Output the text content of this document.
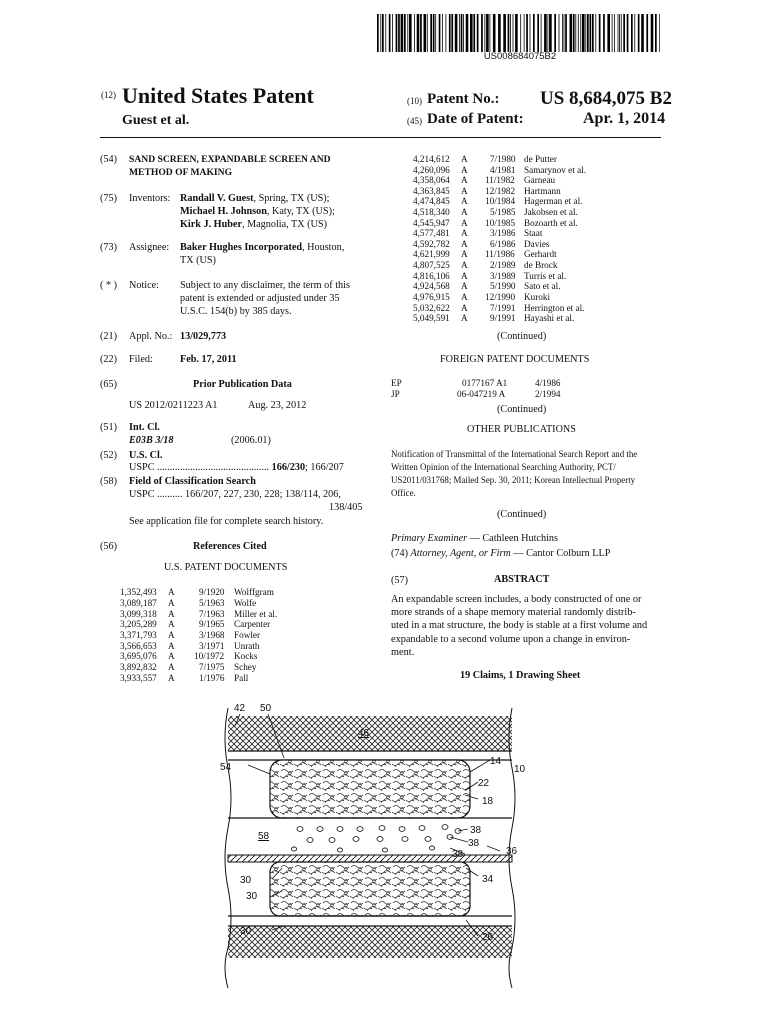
US008684075B2
(12) United States Patent
Guest et al.
(10) Patent No.: US 8,684,075 B2
(45) Date of Patent:	Apr. 1, 2014
(54) SAND SCREEN, EXPANDABLE SCREEN AND
METHOD OF MAKING
(75) Inventors: Randall V. Guest, Spring, TX (US);
Michael H. Johnson, Katy, TX (US);
Kirk J. Huber, Magnolia, TX (US)
(73) Assignee: Baker Hughes Incorporated, Houston,
TX (US)
( * ) Notice: Subject to any disclaimer, the term of this
patent is extended or adjusted under 35
U.S.C. 154(b) by 385 days.
(21) Appl. No.: 13/029,773
(22) Filed:	Feb. 17, 2011
(65)	Prior Publication Data
US 2012/0211223 A1	Aug. 23, 2012
(51) Int. Cl.
E03B 3/18	(2006.01)
(52) U.S. Cl.
USPC ............................................ 166/230; 166/207
(58) Field of Classification Search
USPC .......... 166/207, 227, 230, 228; 138/114, 206,
138/405
See application file for complete search history.
(56)	References Cited
U.S. PATENT DOCUMENTS
1,352,493 A	9/1920 Wolffgram
3,089,187 A	5/1963 Wolfe
3,099,318 A	7/1963 Miller et al.
3,205,289 A	9/1965 Carpenter
3,371,793 A	3/1968 Fowler
3,566,653 A	3/1971 Unrath
3,695,076 A 10/1972 Kocks
3,892,832 A	7/1975 Schey
3,933,557 A	1/1976 Pall
4,214,612 A 7/1980 de Putter
4,260,096 A 4/1981 Samarynov et al.
4,358,064 A 11/1982 Garneau
4,363,845 A 12/1982 Hartmann
4,474,845 A 10/1984 Hagerman et al.
4,518,340 A 5/1985 Jakobsen et al.
4,545,947 A 10/1985 Bozoarth et al.
4,577,481 A 3/1986 Staat
4,592,782 A 6/1986 Davies
4,621,999 A 11/1986 Gerhardt
4,807,525 A 2/1989 de Brock
4,816,106 A 3/1989 Turris et al.
4,924,568 A 5/1990 Sato et al.
4,976,915 A 12/1990 Kuroki
5,032,622 A 7/1991 Herrington et al.
5,049,591 A 9/1991 Hayashi et al.
(Continued)
FOREIGN PATENT DOCUMENTS
EP	0177167 A1	4/1986
JP	06-047219 A	2/1994
(Continued)
OTHER PUBLICATIONS
Notification of Transmittal of the International Search Report and the
Written Opinion of the International Searching Authority, PCT/
US2011/031768; Mailed Sep. 30, 2011; Korean Intellectual Property
Office.
(Continued)
Primary Examiner — Cathleen Hutchins
(74) Attorney, Agent, or Firm — Cantor Colburn LLP
(57)	ABSTRACT
An expandable screen includes, a body constructed of one or
more strands of a shape memory material randomly distrib-
uted in a mat structure, the body is stable at a first volume and
expandable to a second volume upon a change in environ-
ment.
19 Claims, 1 Drawing Sheet
42 50
46
54
14
10
22
18
58
38
38
38	36
30
30
30
34
26
